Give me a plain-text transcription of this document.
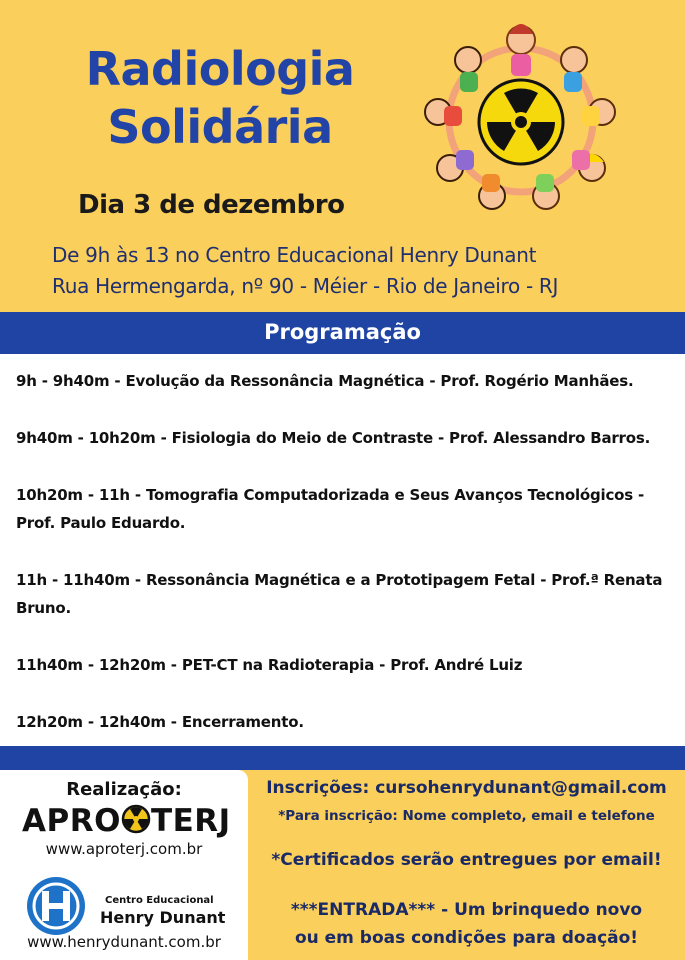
Radiologia
Solidária
Dia 3 de dezembro
De 9h às 13 no Centro Educacional Henry Dunant
Rua Hermengarda, nº 90 - Méier - Rio de Janeiro - RJ
Programação
9h - 9h40m - Evolução da Ressonância Magnética - Prof. Rogério Manhães.
9h40m - 10h20m - Fisiologia do Meio de Contraste - Prof. Alessandro Barros.
10h20m - 11h - Tomografia Computadorizada e Seus Avanços Tecnológicos -
Prof. Paulo Eduardo.
11h - 11h40m - Ressonância Magnética e a Prototipagem Fetal - Prof.ª Renata
Bruno.
11h40m - 12h20m - PET-CT na Radioterapia - Prof. André Luiz
12h20m - 12h40m - Encerramento.
Realização:
APRO TERJ
www.aproterj.com.br
Centro Educacional
Henry Dunant
www.henrydunant.com.br
Inscrições: cursohenrydunant@gmail.com
*Para inscrição: Nome completo, email e telefone
*Certificados serão entregues por email!
***ENTRADA*** - Um brinquedo novo
ou em boas condições para doação!
